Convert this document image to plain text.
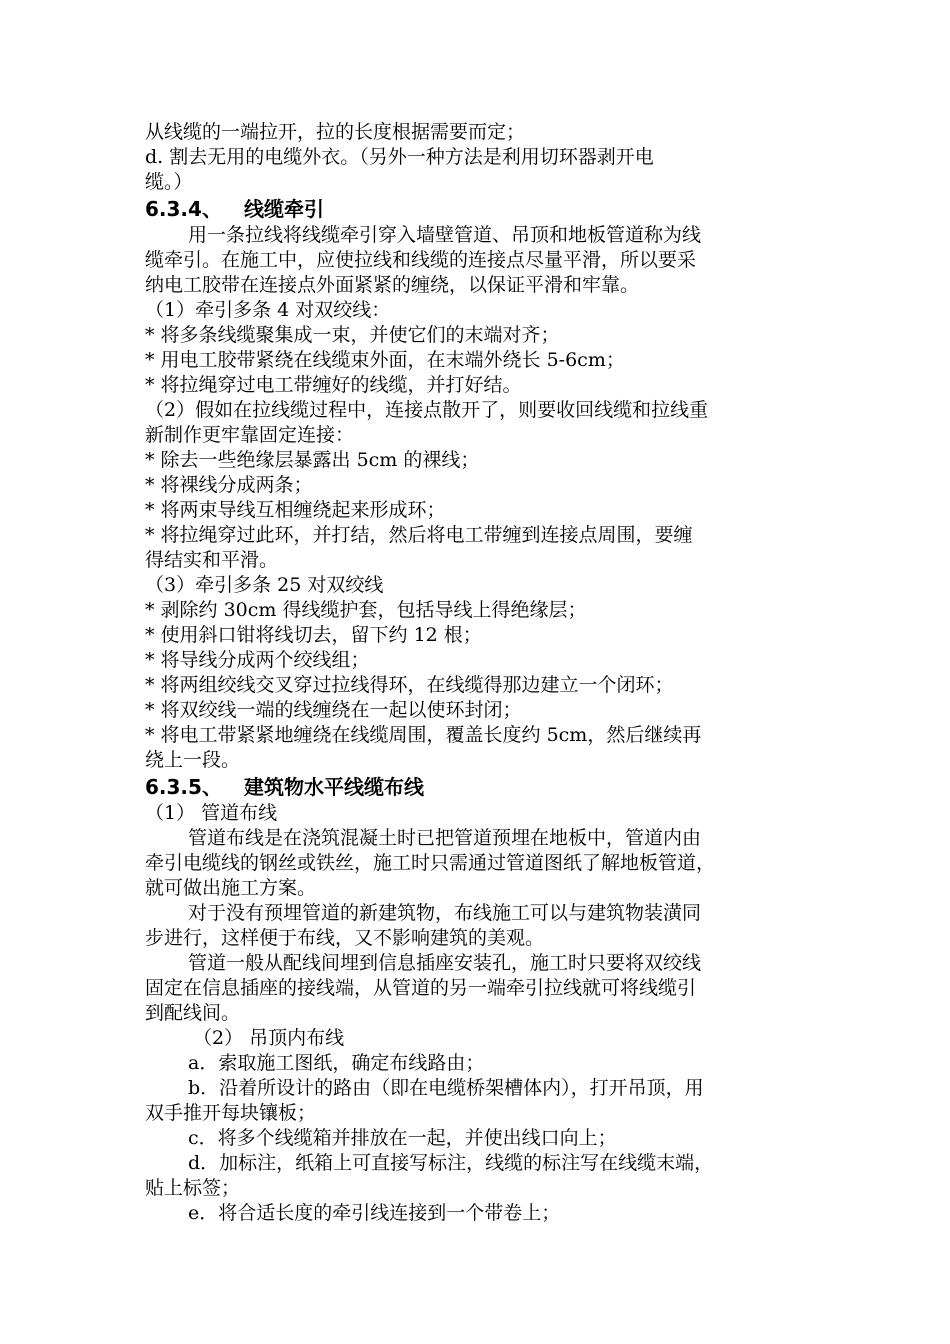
从线缆的一端拉开，拉的长度根据需要而定；
d. 割去无用的电缆外衣。（另外一种方法是利用切环器剥开电
缆。）
6.3.4、 线缆牵引
用一条拉线将线缆牵引穿入墙壁管道、吊顶和地板管道称为线
缆牵引。在施工中，应使拉线和线缆的连接点尽量平滑，所以要采
纳电工胶带在连接点外面紧紧的缠绕，以保证平滑和牢靠。
（1）牵引多条 4 对双绞线：
* 将多条线缆聚集成一束，并使它们的末端对齐；
* 用电工胶带紧绕在线缆束外面，在末端外绕长 5-6cm；
* 将拉绳穿过电工带缠好的线缆，并打好结。
（2）假如在拉线缆过程中，连接点散开了，则要收回线缆和拉线重
新制作更牢靠固定连接：
* 除去一些绝缘层暴露出 5cm 的裸线；
* 将裸线分成两条；
* 将两束导线互相缠绕起来形成环；
* 将拉绳穿过此环，并打结，然后将电工带缠到连接点周围，要缠
得结实和平滑。
（3）牵引多条 25 对双绞线
* 剥除约 30cm 得线缆护套，包括导线上得绝缘层；
* 使用斜口钳将线切去，留下约 12 根；
* 将导线分成两个绞线组；
* 将两组绞线交叉穿过拉线得环，在线缆得那边建立一个闭环；
* 将双绞线一端的线缠绕在一起以使环封闭；
* 将电工带紧紧地缠绕在线缆周围，覆盖长度约 5cm，然后继续再
绕上一段。
6.3.5、 建筑物水平线缆布线
（1） 管道布线
管道布线是在浇筑混凝土时已把管道预埋在地板中，管道内由
牵引电缆线的钢丝或铁丝，施工时只需通过管道图纸了解地板管道，
就可做出施工方案。
对于没有预埋管道的新建筑物，布线施工可以与建筑物装潢同
步进行，这样便于布线，又不影响建筑的美观。
管道一般从配线间埋到信息插座安装孔，施工时只要将双绞线
固定在信息插座的接线端，从管道的另一端牵引拉线就可将线缆引
到配线间。
（2） 吊顶内布线
a．索取施工图纸，确定布线路由；
b．沿着所设计的路由（即在电缆桥架槽体内），打开吊顶，用
双手推开每块镶板；
c．将多个线缆箱并排放在一起，并使出线口向上；
d．加标注，纸箱上可直接写标注，线缆的标注写在线缆末端，
贴上标签；
e．将合适长度的牵引线连接到一个带卷上；
